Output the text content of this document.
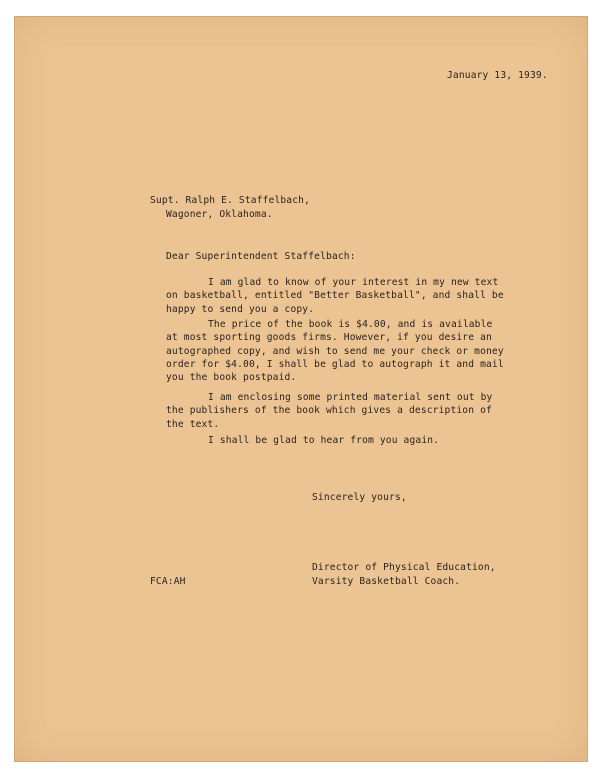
January 13, 1939.
Supt. Ralph E. Staffelbach,
Wagoner, Oklahoma.
Dear Superintendent Staffelbach:
I am glad to know of your interest in my new text
on basketball, entitled "Better Basketball", and shall be
happy to send you a copy.
The price of the book is $4.00, and is available
at most sporting goods firms. However, if you desire an
autographed copy, and wish to send me your check or money
order for $4.00, I shall be glad to autograph it and mail
you the book postpaid.
I am enclosing some printed material sent out by
the publishers of the book which gives a description of
the text.
I shall be glad to hear from you again.
Sincerely yours,
Director of Physical Education,
Varsity Basketball Coach.
FCA:AH
